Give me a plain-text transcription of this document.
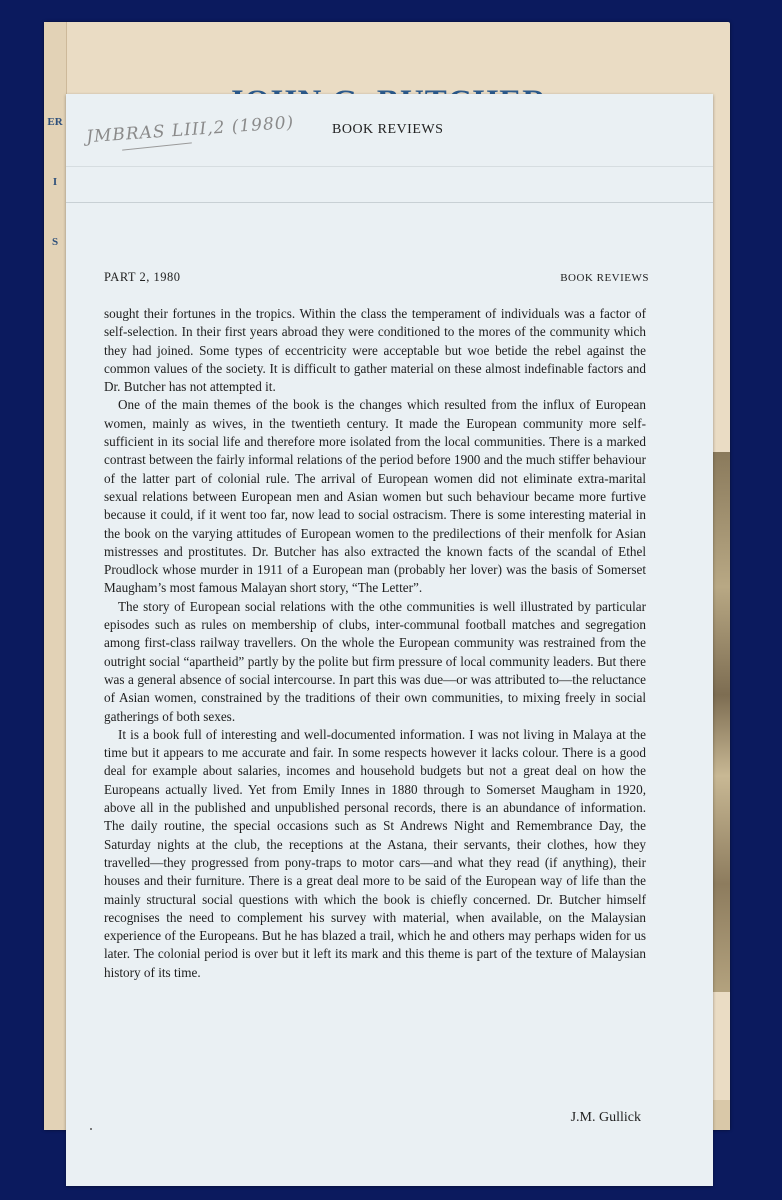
ER
I
S
JMBRAS LIII,2 (1980)	BOOK REVIEWS
PART 2, 1980	BOOK REVIEWS

sought their fortunes in the tropics. Within the class the temperament of individuals was a factor of self-selection. In their first years abroad they were conditioned to the mores of the community which they had joined. Some types of eccentricity were acceptable but woe betide the rebel against the common values of the society. It is difficult to gather material on these almost indefinable factors and Dr. Butcher has not attempted it.

One of the main themes of the book is the changes which resulted from the influx of European women, mainly as wives, in the twentieth century. It made the European community more self-sufficient in its social life and therefore more isolated from the local communities. There is a marked contrast between the fairly informal relations of the period before 1900 and the much stiffer behaviour of the latter part of colonial rule. The arrival of European women did not eliminate extra-marital sexual relations between European men and Asian women but such behaviour became more furtive because it could, if it went too far, now lead to social ostracism. There is some interesting material in the book on the varying attitudes of European women to the predilections of their menfolk for Asian mistresses and prostitutes. Dr. Butcher has also extracted the known facts of the scandal of Ethel Proudlock whose murder in 1911 of a European man (probably her lover) was the basis of Somerset Maugham’s most famous Malayan short story, “The Letter”.

The story of European social relations with the othe communities is well illustrated by particular episodes such as rules on membership of clubs, inter-communal football matches and segregation among first-class railway travellers. On the whole the European community was restrained from the outright social “apartheid” partly by the polite but firm pressure of local community leaders. But there was a general absence of social intercourse. In part this was due—or was attributed to—the reluctance of Asian women, constrained by the traditions of their own communities, to mixing freely in social gatherings of both sexes.

It is a book full of interesting and well-documented information. I was not living in Malaya at the time but it appears to me accurate and fair. In some respects however it lacks colour. There is a good deal for example about salaries, incomes and household budgets but not a great deal on how the Europeans actually lived. Yet from Emily Innes in 1880 through to Somerset Maugham in 1920, above all in the published and unpublished personal records, there is an abundance of information. The daily routine, the special occasions such as St Andrews Night and Remembrance Day, the Saturday nights at the club, the receptions at the Astana, their servants, their clothes, how they travelled—they progressed from pony-traps to motor cars—and what they read (if anything), their houses and their furniture. There is a great deal more to be said of the European way of life than the mainly structural social questions with which the book is chiefly concerned. Dr. Butcher himself recognises the need to complement his survey with material, when available, on the Malaysian experience of the Europeans. But he has blazed a trail, which he and others may perhaps widen for us later. The colonial period is over but it left its mark and this theme is part of the texture of Malaysian history of its time.

J.M. Gullick
